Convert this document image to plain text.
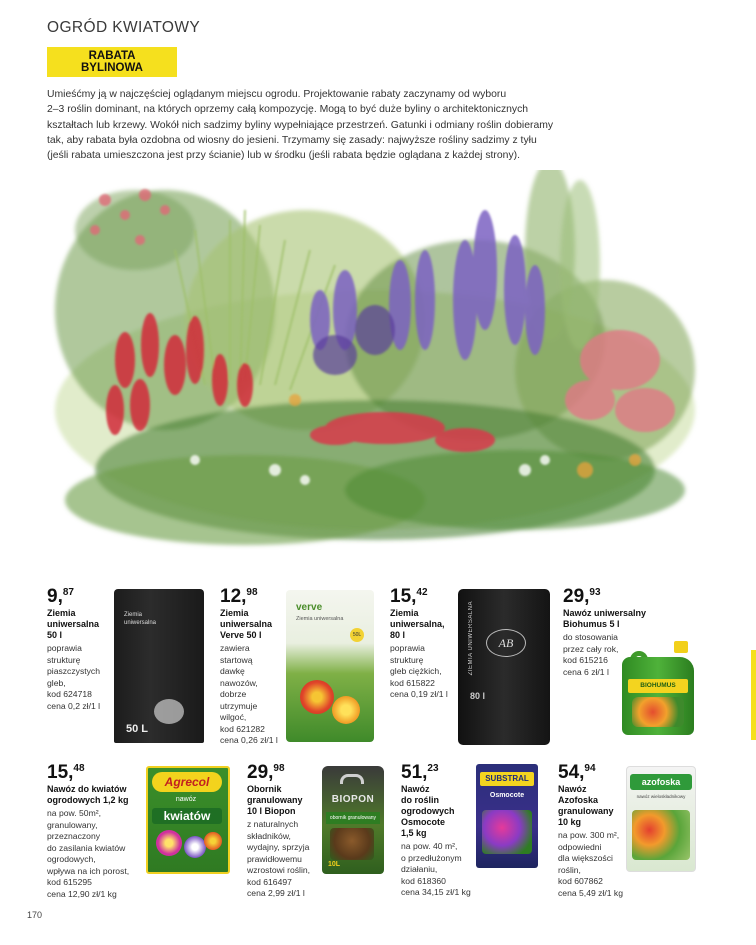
OGRÓD KWIATOWY
RABATA
BYLINOWA
Umieśćmy ją w najczęściej oglądanym miejscu ogrodu. Projektowanie rabaty zaczynamy od wyboru
2–3 roślin dominant, na których oprzemy całą kompozycję. Mogą to być duże byliny o architektonicznych
kształtach lub krzewy. Wokół nich sadzimy byliny wypełniające przestrzeń. Gatunki i odmiany roślin dobieramy
tak, aby rabata była ozdobna od wiosny do jesieni. Trzymamy się zasady: najwyższe rośliny sadzimy z tyłu
(jeśli rabata umieszczona jest przy ścianie) lub w środku (jeśli rabata będzie oglądana z każdej strony).
9, 87
Ziemia
uniwersalna
50 l
poprawia
strukturę
piaszczystych
gleb,
kod 624718
cena 0,2 zł/1 l
Ziemia
uniwersalna
50 L
12, 98
Ziemia
uniwersalna
Verve 50 l
zawiera
startową
dawkę
nawozów,
dobrze
utrzymuje
wilgoć,
kod 621282
cena 0,26 zł/1 l
verve
Ziemia uniwersalna
50L
15, 42
Ziemia
uniwersalna,
80 l
poprawia
strukturę
gleb ciężkich,
kod 615822
cena 0,19 zł/1 l
ZIEMIA UNIWERSALNA	AB
80 l
29, 93
Nawóz uniwersalny
Biohumus 5 l
do stosowania
przez cały rok,
kod 615216
cena 6 zł/1 l
BIOHUMUS
15, 48
Nawóz do kwiatów
ogrodowych 1,2 kg
na pow. 50m²,
granulowany,
przeznaczony
do zasilania kwiatów
ogrodowych,
wpływa na ich porost,
kod 615295
cena 12,90 zł/1 kg
Agrecol
nawóz
kwiatów
29, 98
Obornik
granulowany
10 l Biopon
z naturalnych
składników,
wydajny, sprzyja
prawidłowemu
wzrostowi roślin,
kod 616497
cena 2,99 zł/1 l
BIOPON
obornik granulowany
10L
51, 23
Nawóz
do roślin
ogrodowych
Osmocote
1,5 kg
na pow. 40 m²,
o przedłużonym
działaniu,
kod 618360
cena 34,15 zł/1 kg
SUBSTRAL
Osmocote
54, 94
Nawóz
Azofoska
granulowany
10 kg
na pow. 300 m²,
odpowiedni
dla większości
roślin,
kod 607862
cena 5,49 zł/1 kg
azofoska
nawóz wieloskładnikowy
170
